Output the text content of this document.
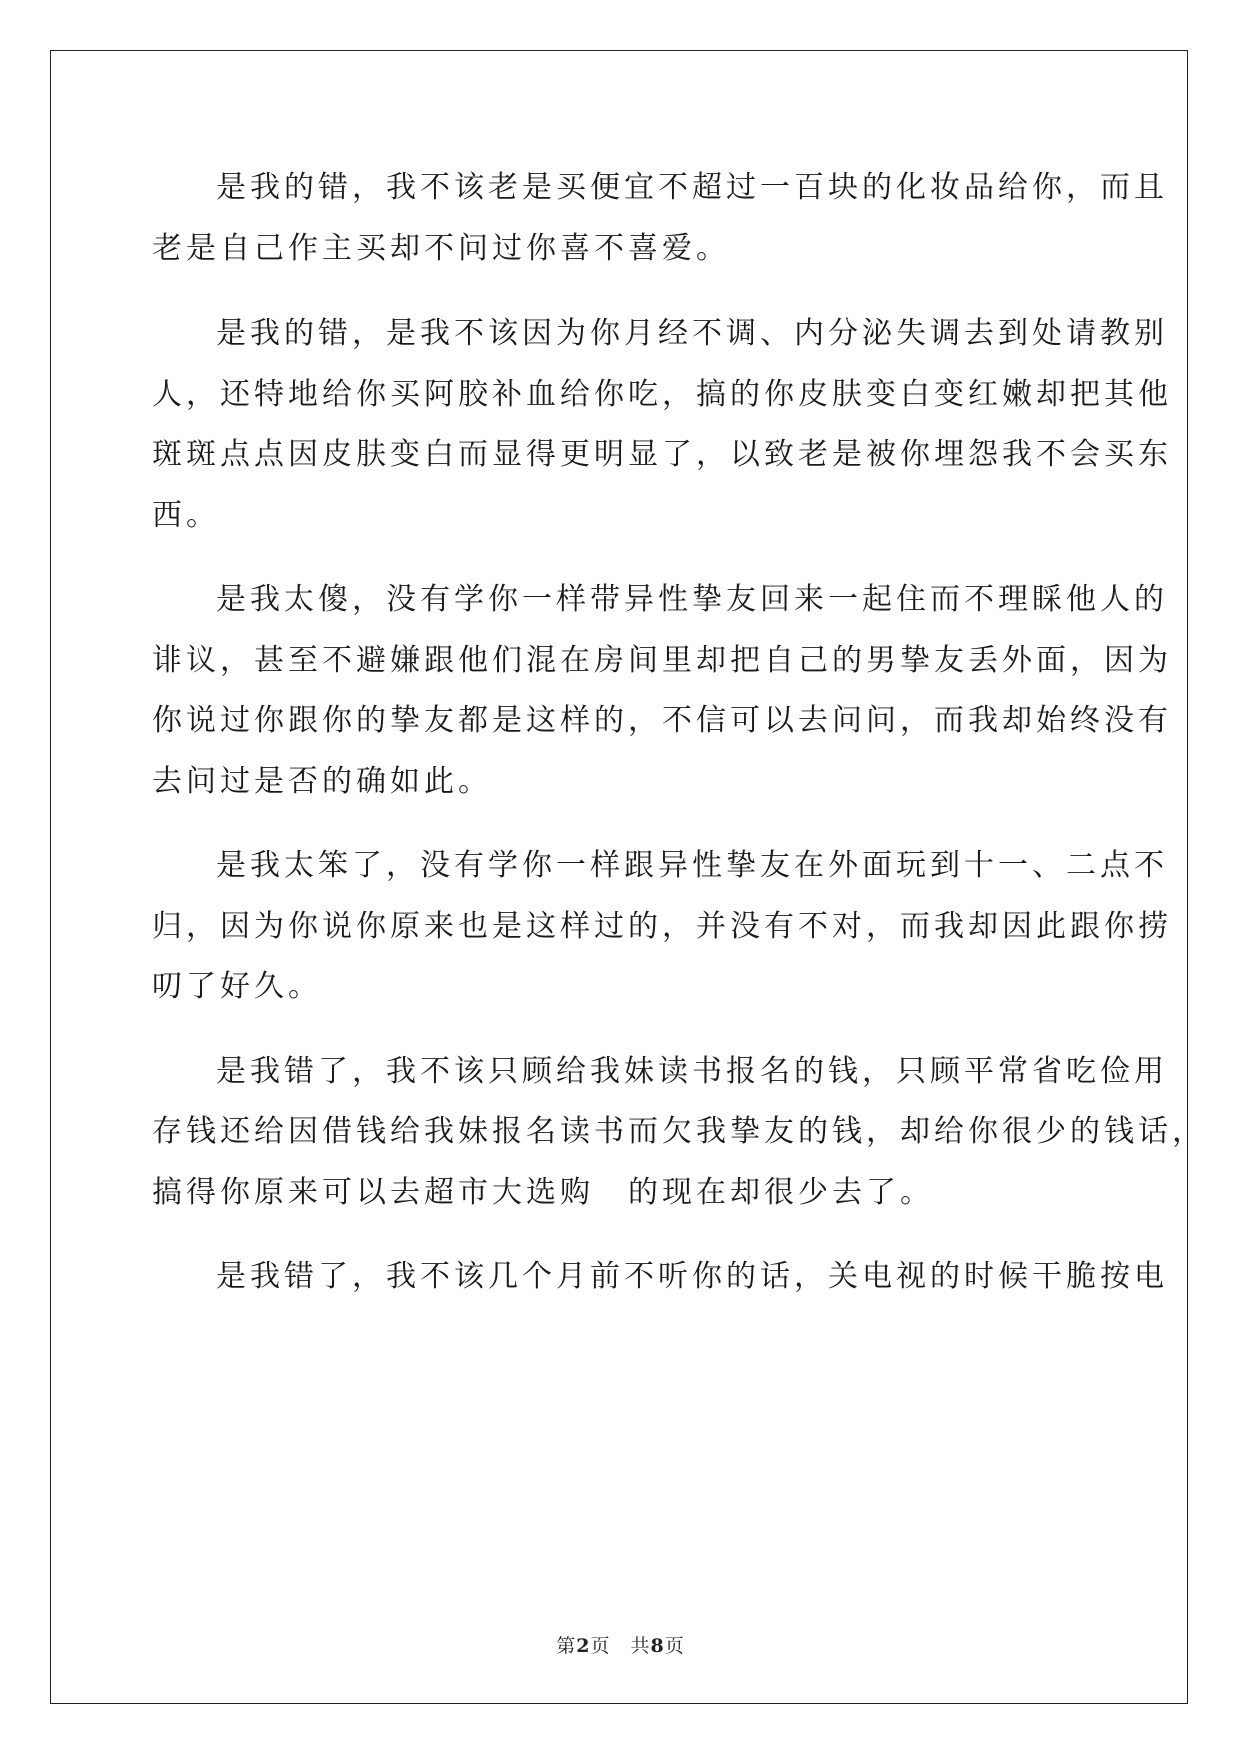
是我的错，我不该老是买便宜不超过一百块的化妆品给你，而且
老是自己作主买却不问过你喜不喜爱。
是我的错，是我不该因为你月经不调、内分泌失调去到处请教别
人，还特地给你买阿胶补血给你吃，搞的你皮肤变白变红嫩却把其他
斑斑点点因皮肤变白而显得更明显了，以致老是被你埋怨我不会买东
西。
是我太傻，没有学你一样带异性挚友回来一起住而不理睬他人的
诽议，甚至不避嫌跟他们混在房间里却把自己的男挚友丢外面，因为
你说过你跟你的挚友都是这样的，不信可以去问问，而我却始终没有
去问过是否的确如此。
是我太笨了，没有学你一样跟异性挚友在外面玩到十一、二点不
归，因为你说你原来也是这样过的，并没有不对，而我却因此跟你捞
叨了好久。
是我错了，我不该只顾给我妹读书报名的钱，只顾平常省吃俭用
存钱还给因借钱给我妹报名读书而欠我挚友的钱，却给你很少的钱话，
搞得你原来可以去超市大选购　的现在却很少去了。
是我错了，我不该几个月前不听你的话，关电视的时候干脆按电
第2页 共8页
